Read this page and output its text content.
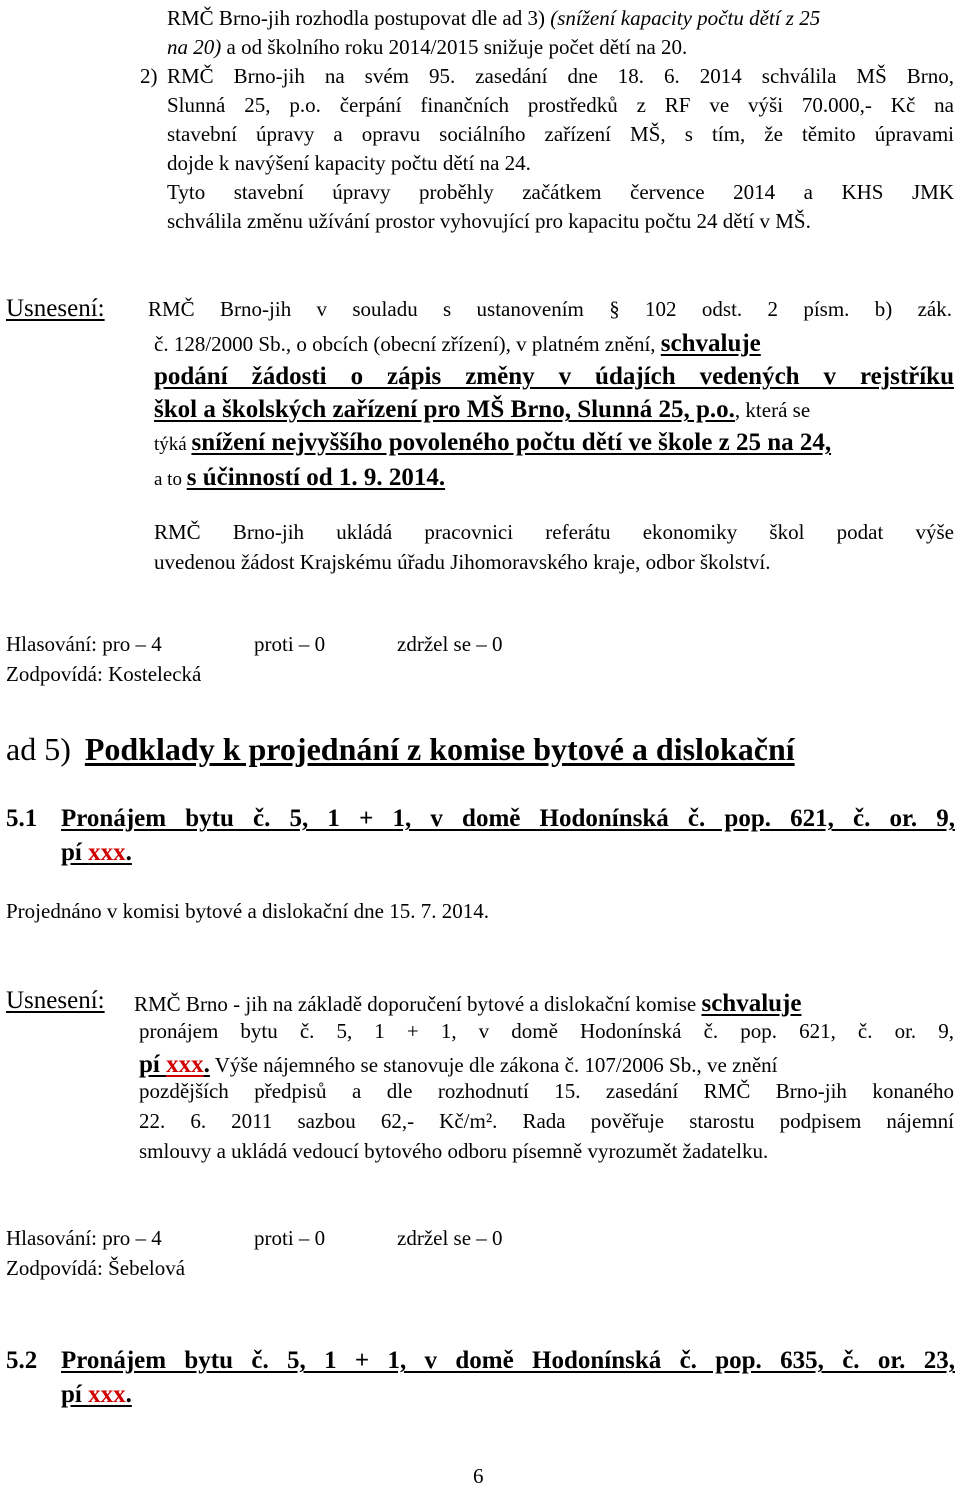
RMČ Brno-jih rozhodla postupovat dle ad 3) (snížení kapacity počtu dětí z 25
na 20) a od školního roku 2014/2015 snižuje počet dětí na 20.
2) RMČ Brno-jih na svém 95. zasedání dne 18. 6. 2014 schválila MŠ Brno,
Slunná 25, p.o. čerpání finančních prostředků z RF ve výši 70.000,- Kč na
stavební úpravy a opravu sociálního zařízení MŠ, s tím, že těmito úpravami
dojde k navýšení kapacity počtu dětí na 24.
Tyto stavební úpravy proběhly začátkem července 2014 a KHS JMK
schválila změnu užívání prostor vyhovující pro kapacitu počtu 24 dětí v MŠ.
Usnesení: RMČ Brno-jih v souladu s ustanovením § 102 odst. 2 písm. b) zák.
č. 128/2000 Sb., o obcích (obecní zřízení), v platném znění, schvaluje
podání žádosti o zápis změny v údajích vedených v rejstříku
škol a školských zařízení pro MŠ Brno, Slunná 25, p.o., která se
týká snížení nejvyššího povoleného počtu dětí ve škole z 25 na 24,
a to s účinností od 1. 9. 2014.
RMČ Brno-jih ukládá pracovnici referátu ekonomiky škol podat výše
uvedenou žádost Krajskému úřadu Jihomoravského kraje, odbor školství.
Hlasování: pro – 4	proti – 0	zdržel se – 0
Zodpovídá: Kostelecká
ad 5) Podklady k projednání z komise bytové a dislokační
5.1 Pronájem bytu č. 5, 1 + 1, v domě Hodonínská č. pop. 621, č. or. 9,
pí xxx.
Projednáno v komisi bytové a dislokační dne 15. 7. 2014.
Usnesení: RMČ Brno - jih na základě doporučení bytové a dislokační komise schvaluje
pronájem bytu č. 5, 1 + 1, v domě Hodonínská č. pop. 621, č. or. 9,
pí xxx. Výše nájemného se stanovuje dle zákona č. 107/2006 Sb., ve znění
pozdějších předpisů a dle rozhodnutí 15. zasedání RMČ Brno-jih konaného
22. 6. 2011 sazbou 62,- Kč/m². Rada pověřuje starostu podpisem nájemní
smlouvy a ukládá vedoucí bytového odboru písemně vyrozumět žadatelku.
Hlasování: pro – 4	proti – 0	zdržel se – 0
Zodpovídá: Šebelová
5.2 Pronájem bytu č. 5, 1 + 1, v domě Hodonínská č. pop. 635, č. or. 23,
pí xxx.
6
